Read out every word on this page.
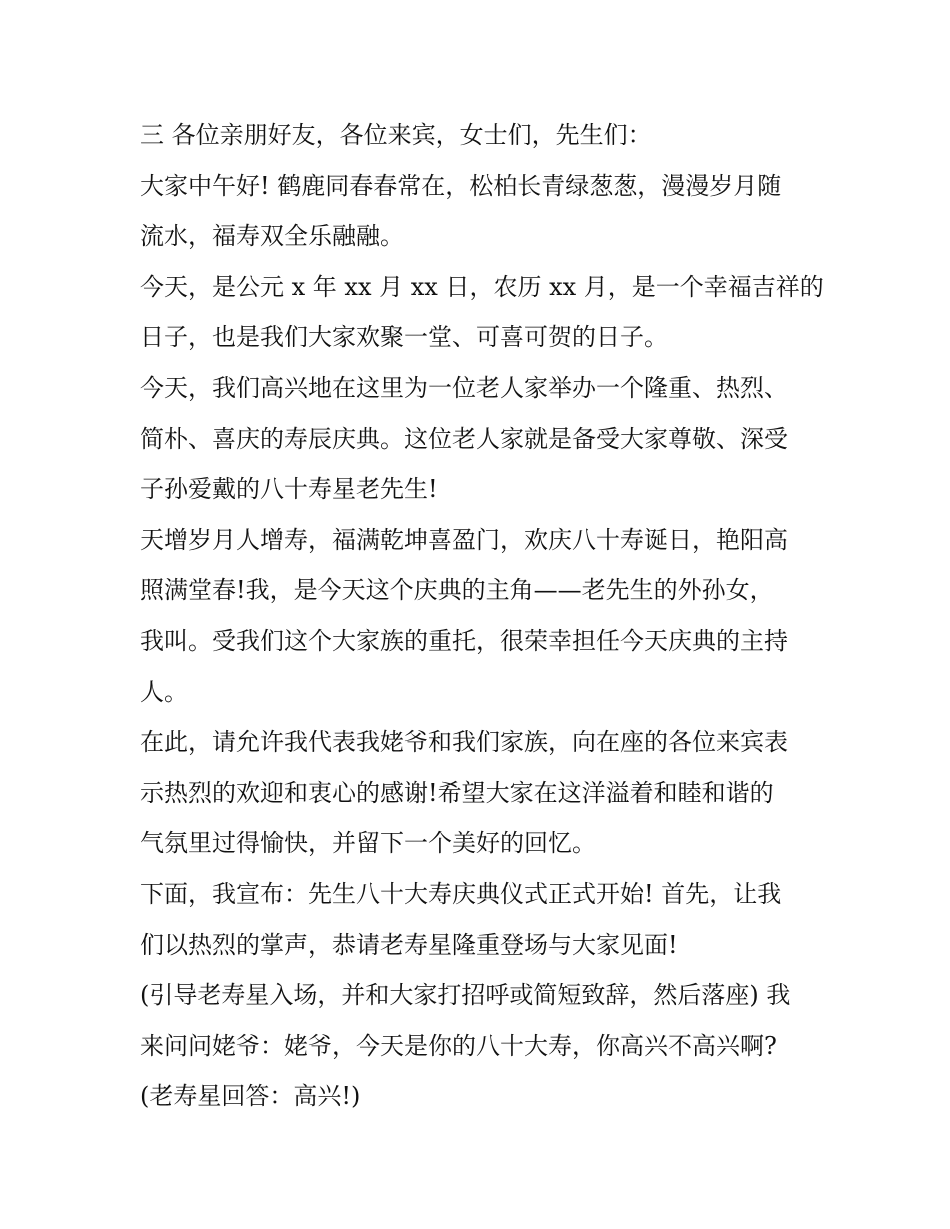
三 各位亲朋好友，各位来宾，女士们，先生们：
大家中午好! 鹤鹿同春春常在，松柏长青绿葱葱，漫漫岁月随
流水，福寿双全乐融融。
今天，是公元 x 年 xx 月 xx 日，农历 xx 月，是一个幸福吉祥的
日子，也是我们大家欢聚一堂、可喜可贺的日子。
今天，我们高兴地在这里为一位老人家举办一个隆重、热烈、
简朴、喜庆的寿辰庆典。这位老人家就是备受大家尊敬、深受
子孙爱戴的八十寿星老先生!
天增岁月人增寿，福满乾坤喜盈门，欢庆八十寿诞日，艳阳高
照满堂春!我，是今天这个庆典的主角——老先生的外孙女，
我叫。受我们这个大家族的重托，很荣幸担任今天庆典的主持
人。
在此，请允许我代表我姥爷和我们家族，向在座的各位来宾表
示热烈的欢迎和衷心的感谢!希望大家在这洋溢着和睦和谐的
气氛里过得愉快，并留下一个美好的回忆。
下面，我宣布：先生八十大寿庆典仪式正式开始! 首先，让我
们以热烈的掌声，恭请老寿星隆重登场与大家见面!
(引导老寿星入场，并和大家打招呼或简短致辞，然后落座) 我
来问问姥爷：姥爷，今天是你的八十大寿，你高兴不高兴啊?
(老寿星回答：高兴!)
